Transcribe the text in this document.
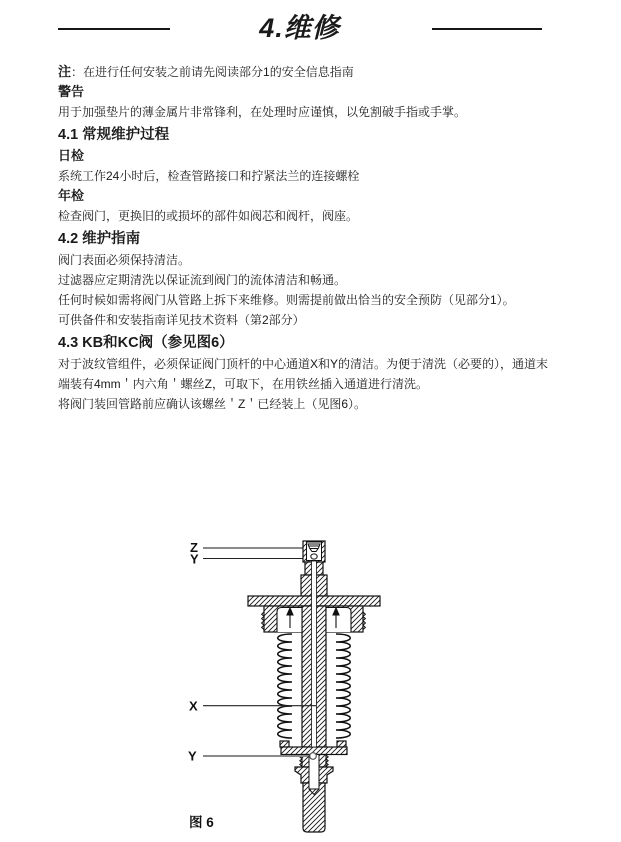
4.维修

注：在进行任何安装之前请先阅读部分1的安全信息指南

警告

用于加强垫片的薄金属片非常锋利，在处理时应谨慎，以免割破手指或手掌。

4.1 常规维护过程

日检

系统工作24小时后，检查管路接口和拧紧法兰的连接螺栓

年检

检查阀门，更换旧的或损坏的部件如阀芯和阀杆，阀座。

4.2 维护指南

阀门表面必须保持清洁。

过滤器应定期清洗以保证流到阀门的流体清洁和畅通。

任何时候如需将阀门从管路上拆下来维修。则需提前做出恰当的安全预防（见部分1）。

可供备件和安装指南详见技术资料（第2部分）

4.3 KB和KC阀（参见图6）

对于波纹管组件，必须保证阀门顶杆的中心通道X和Y的清洁。为便于清洗（必要的），通道末

端装有4mm＇内六角＇螺丝Z，可取下，在用铁丝插入通道进行清洗。

将阀门装回管路前应确认该螺丝＇Z＇已经装上（见图6）。

Z
Y
X
Y
图 6
